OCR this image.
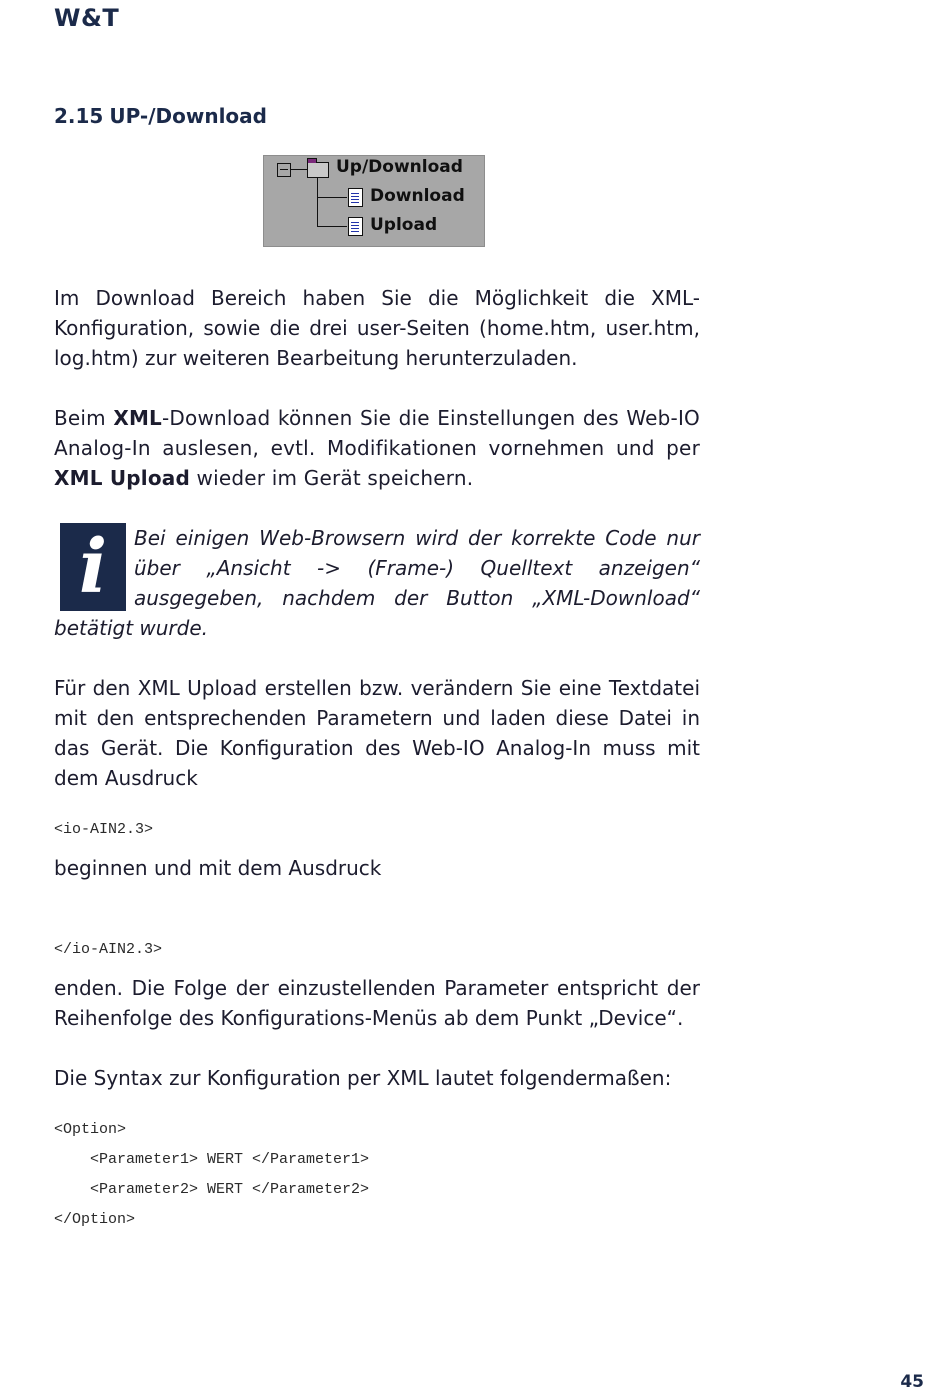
W&T
2.15 UP-/Download
Up/Download
Download
Upload
Im Download Bereich haben Sie die Möglichkeit die XML-Konfiguration, sowie die drei user-Seiten (home.htm, user.htm, log.htm) zur weiteren Bearbeitung herunterzuladen.
Beim XML-Download können Sie die Einstellungen des Web-IO Analog-In auslesen, evtl. Modifikationen vornehmen und per XML Upload wieder im Gerät speichern.
i	Bei einigen Web-Browsern wird der korrekte Code nur über „Ansicht -> (Frame-) Quelltext anzeigen“ ausgegeben, nachdem der Button „XML-Download“ betätigt wurde.
Für den XML Upload erstellen bzw. verändern Sie eine Textdatei mit den entsprechenden Parametern und laden diese Datei in das Gerät. Die Konfiguration des Web-IO Analog-In muss mit dem Ausdruck
<io-AIN2.3>
beginnen und mit dem Ausdruck
</io-AIN2.3>
enden. Die Folge der einzustellenden Parameter entspricht der Reihenfolge des Konfigurations-Menüs ab dem Punkt „Device“.
Die Syntax zur Konfiguration per XML lautet folgendermaßen:
<Option>
<Parameter1> WERT </Parameter1>
<Parameter2> WERT </Parameter2>
</Option>
45
